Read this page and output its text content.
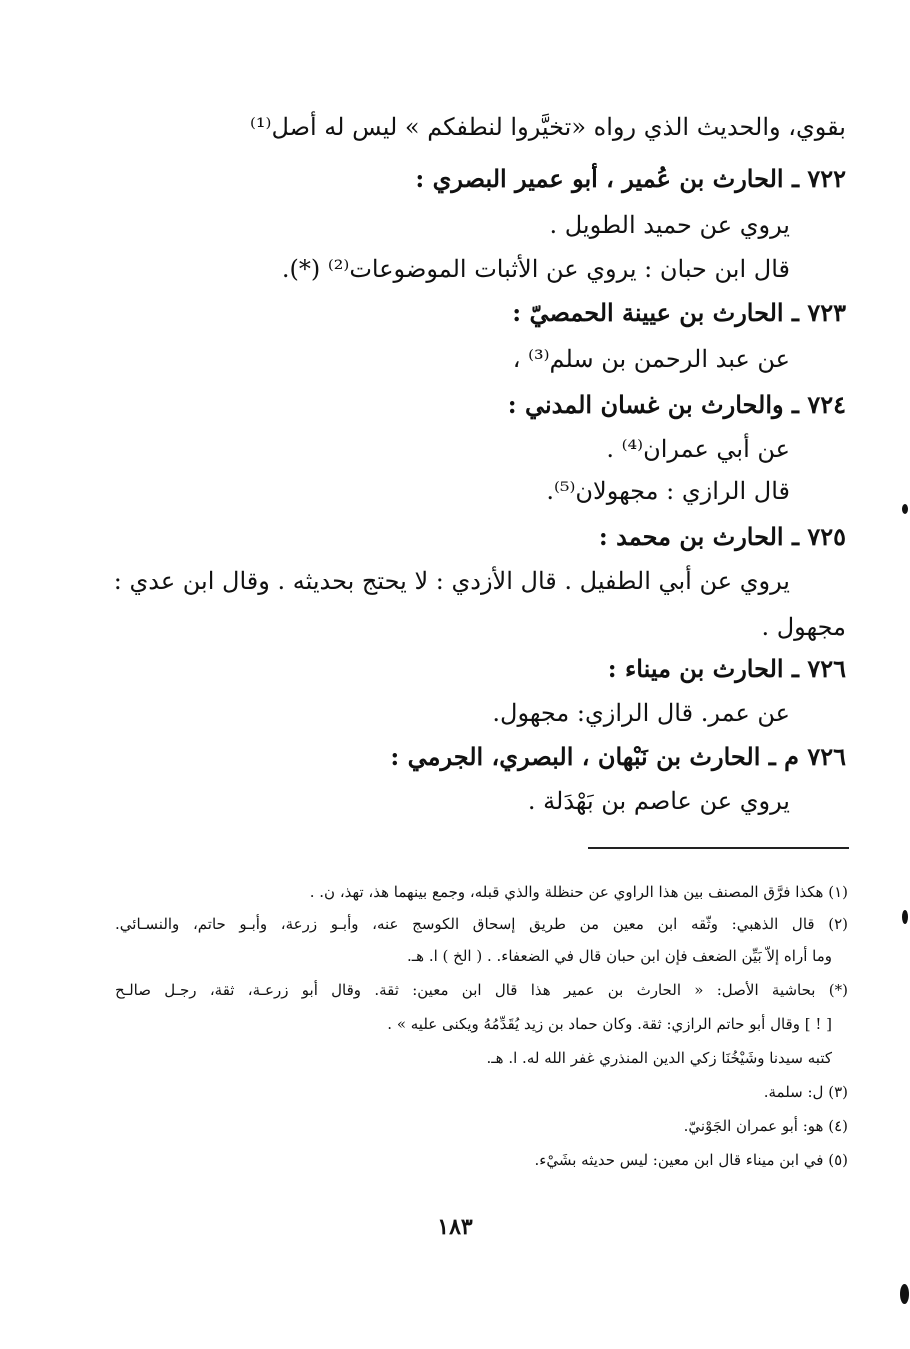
بقوي، والحديث الذي رواه «تخيَّروا لنطفكم » ليس له أصل⁽¹⁾
٧٢٢ ـ الحارث بن عُمير ، أبو عمير البصري :
يروي عن حميد الطويل .
قال ابن حبان : يروي عن الأثبات الموضوعات⁽²⁾ (*).
٧٢٣ ـ الحارث بن عيينة الحمصيّ :
عن عبد الرحمن بن سلم⁽³⁾ ،
٧٢٤ ـ والحارث بن غسان المدني :
عن أبي عمران⁽⁴⁾ .
قال الرازي : مجهولان⁽⁵⁾.
٧٢٥ ـ الحارث بن محمد :
يروي عن أبي الطفيل . قال الأزدي : لا يحتج بحديثه . وقال ابن عدي :
مجهول .
٧٢٦ ـ الحارث بن ميناء :
عن عمر. قال الرازي: مجهول.
٧٢٦ م ـ الحارث بن نَبْهان ، البصري، الجرمي :
يروي عن عاصم بن بَهْدَلة .
(١) هكذا فرَّق المصنف بين هذا الراوي عن حنظلة والذي قبله، وجمع بينهما هذ، تهذ، ن. .
(٢) قال الذهبي: وثّقه ابن معين من طريق إسحاق الكوسج عنه، وأبـو زرعة، وأبـو حاتم، والنسـائي.
وما أراه إلاّ بَيِّن الضعف فإن ابن حبان قال في الضعفاء. . ( الخ ) ا. هـ.
(*) بحاشية الأصل: « الحارث بن عمير هذا قال ابن معين: ثقة. وقال أبو زرعـة، ثقة، رجـل صالـح
[ ! ] وقال أبو حاتم الرازي: ثقة. وكان حماد بن زيد يُقَدِّمُهُ ويكنى عليه » .
كتبه سيدنا وشَيْخُنَا زكي الدين المنذري غفر الله له. ا. هـ.
(٣) ل: سلمة.
(٤) هو: أبو عمران الجَوْنيّ.
(٥) في ابن ميناء قال ابن معين: ليس حديثه بشَيْء.
١٨٣
